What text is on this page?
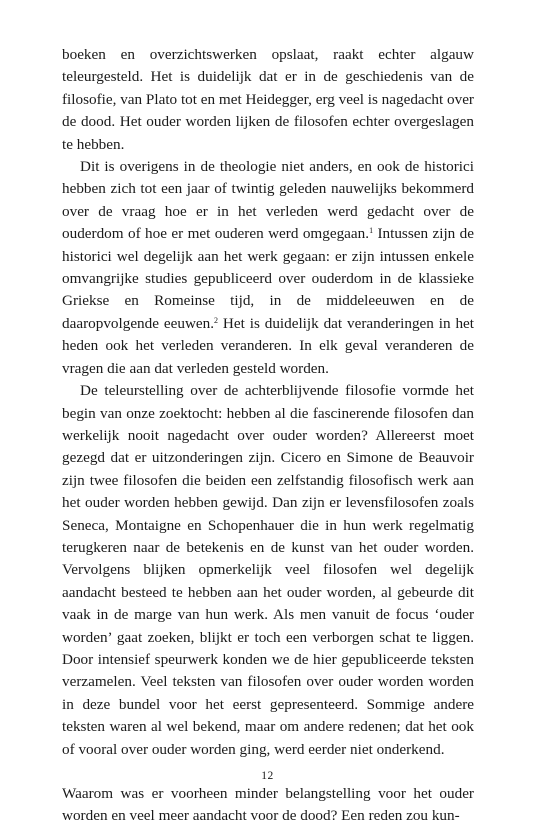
boeken en overzichtswerken opslaat, raakt echter algauw teleurgesteld. Het is duidelijk dat er in de geschiedenis van de filosofie, van Plato tot en met Heidegger, erg veel is nagedacht over de dood. Het ouder worden lijken de filosofen echter overgeslagen te hebben.

Dit is overigens in de theologie niet anders, en ook de historici hebben zich tot een jaar of twintig geleden nauwelijks bekommerd over de vraag hoe er in het verleden werd gedacht over de ouderdom of hoe er met ouderen werd omgegaan.$^1$ Intussen zijn de historici wel degelijk aan het werk gegaan: er zijn intussen enkele omvangrijke studies gepubliceerd over ouderdom in de klassieke Griekse en Romeinse tijd, in de middeleeuwen en de daaropvolgende eeuwen.$^2$ Het is duidelijk dat veranderingen in het heden ook het verleden veranderen. In elk geval veranderen de vragen die aan dat verleden gesteld worden.

De teleurstelling over de achterblijvende filosofie vormde het begin van onze zoektocht: hebben al die fascinerende filosofen dan werkelijk nooit nagedacht over ouder worden? Allereerst moet gezegd dat er uitzonderingen zijn. Cicero en Simone de Beauvoir zijn twee filosofen die beiden een zelfstandig filosofisch werk aan het ouder worden hebben gewijd. Dan zijn er levensfilosofen zoals Seneca, Montaigne en Schopenhauer die in hun werk regelmatig terugkeren naar de betekenis en de kunst van het ouder worden. Vervolgens blijken opmerkelijk veel filosofen wel degelijk aandacht besteed te hebben aan het ouder worden, al gebeurde dit vaak in de marge van hun werk. Als men vanuit de focus ‘ouder worden’ gaat zoeken, blijkt er toch een verborgen schat te liggen. Door intensief speurwerk konden we de hier gepubliceerde teksten verzamelen. Veel teksten van filosofen over ouder worden worden in deze bundel voor het eerst gepresenteerd. Sommige andere teksten waren al wel bekend, maar om andere redenen; dat het ook of vooral over ouder worden ging, werd eerder niet onderkend.

Waarom was er voorheen minder belangstelling voor het ouder worden en veel meer aandacht voor de dood? Een reden zou kun-

12
